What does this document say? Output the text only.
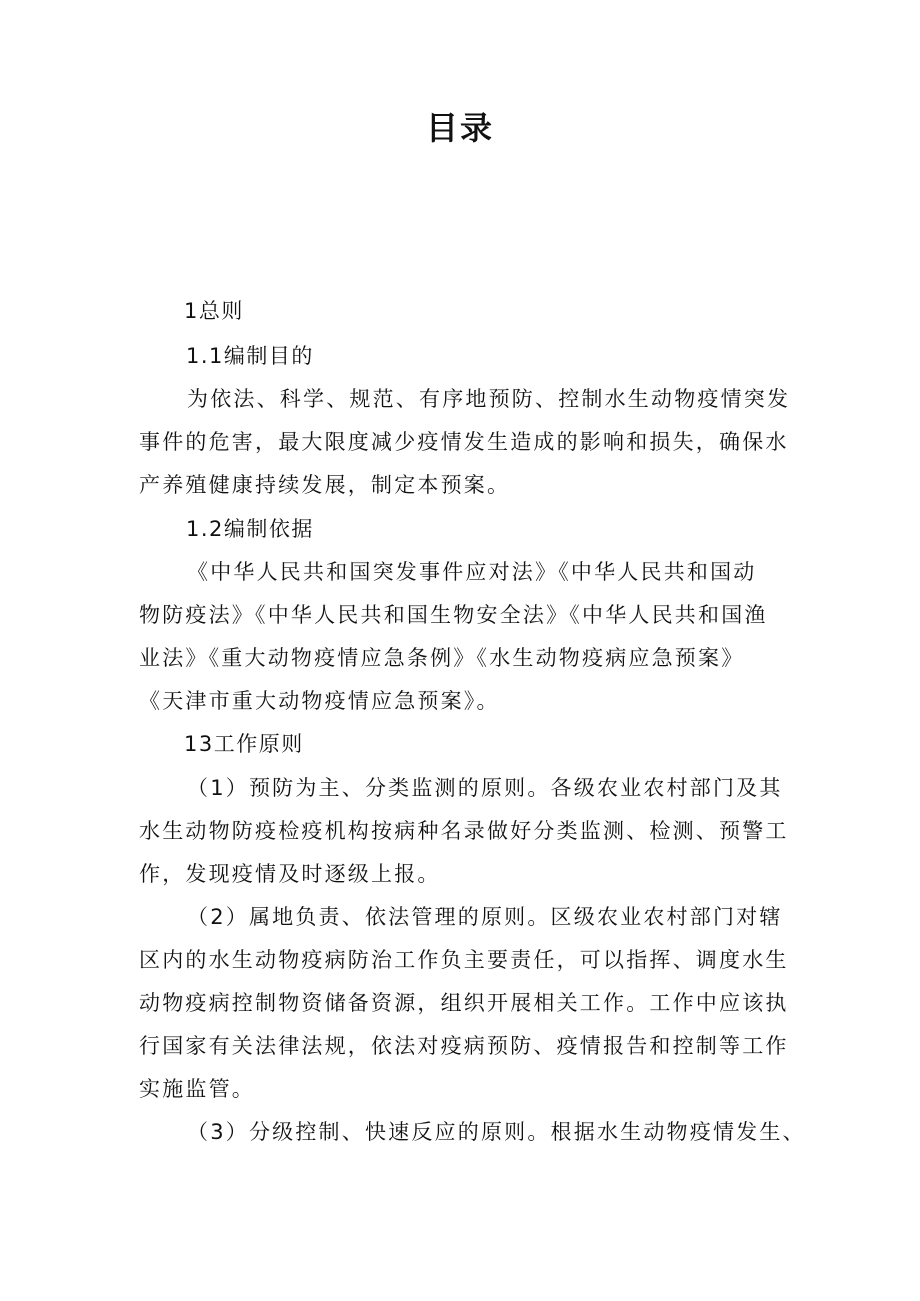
目录
1总则
1.1编制目的
为依法、科学、规范、有序地预防、控制水生动物疫情突发
事件的危害，最大限度减少疫情发生造成的影响和损失，确保水
产养殖健康持续发展，制定本预案。
1.2编制依据
《中华人民共和国突发事件应对法》《中华人民共和国动
物防疫法》《中华人民共和国生物安全法》《中华人民共和国渔
业法》《重大动物疫情应急条例》《水生动物疫病应急预案》
《天津市重大动物疫情应急预案》。
13工作原则
（1）预防为主、分类监测的原则。各级农业农村部门及其
水生动物防疫检疫机构按病种名录做好分类监测、检测、预警工
作，发现疫情及时逐级上报。
（2）属地负责、依法管理的原则。区级农业农村部门对辖
区内的水生动物疫病防治工作负主要责任，可以指挥、调度水生
动物疫病控制物资储备资源，组织开展相关工作。工作中应该执
行国家有关法律法规，依法对疫病预防、疫情报告和控制等工作
实施监管。
（3）分级控制、快速反应的原则。根据水生动物疫情发生、
